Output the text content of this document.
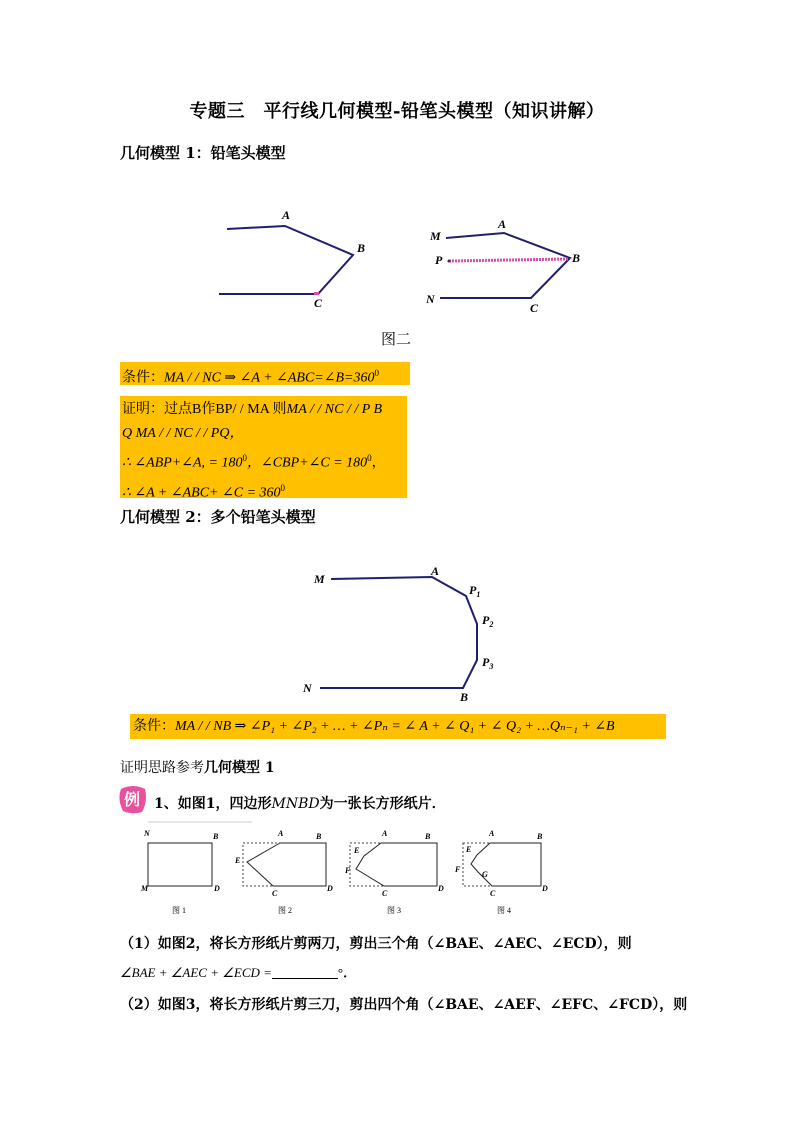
专题三　平行线几何模型-铅笔头模型（知识讲解）
几何模型 1：铅笔头模型
A
B
C
M
A
B
P
N
C
图二
条件：MA / / NC ⇒ ∠A + $\angle ABC=\angle B=360^0$
证明：过点B作BP/ / MA 则MA / / NC / / P B
Q MA / / NC / / PQ，
∴ ∠ABP+∠A, = $180^0$，∠CBP+∠C = $180^0$，
∴ ∠A + ∠ABC+ ∠C = $360^0$
几何模型 2：多个铅笔头模型
M
A
$P_1$
$P_2$
$P_3$
N
B
条件：MA / / NB ⇒ ∠P₁ + ∠P₂ + … + ∠Pₙ = ∠ A + ∠ Q₁ + ∠ Q₂ + …Qₙ₋₁ + ∠B
证明思路参考几何模型 1
例 1、如图1，四边形MNBD为一张长方形纸片．
N	B
M	D
图 1
A	B
E
C
D
图 2
A	B
E
F
C
D
图 3
A	B
E
F
G
C
D
图 4
（1）如图2，将长方形纸片剪两刀，剪出三个角（∠BAE、∠AEC、∠ECD），则
∠BAE + ∠AEC + ∠ECD =	°．
（2）如图3，将长方形纸片剪三刀，剪出四个角（∠BAE、∠AEF、∠EFC、∠FCD），则
